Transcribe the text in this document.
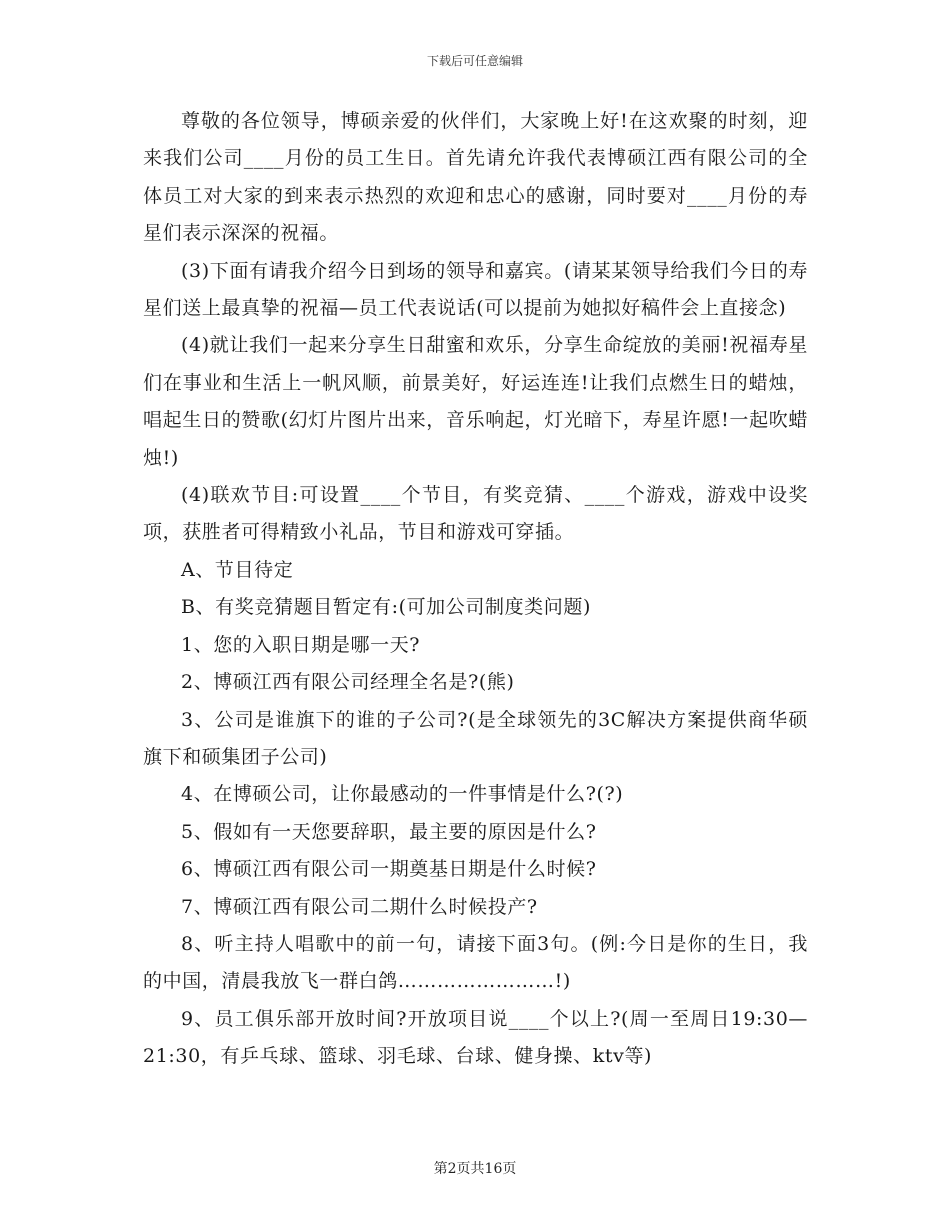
下载后可任意编辑

尊敬的各位领导，博硕亲爱的伙伴们，大家晚上好!在这欢聚的时刻，迎来我们公司____月份的员工生日。首先请允许我代表博硕江西有限公司的全体员工对大家的到来表示热烈的欢迎和忠心的感谢，同时要对____月份的寿星们表示深深的祝福。

(3)下面有请我介绍今日到场的领导和嘉宾。(请某某领导给我们今日的寿星们送上最真挚的祝福—员工代表说话(可以提前为她拟好稿件会上直接念)

(4)就让我们一起来分享生日甜蜜和欢乐，分享生命绽放的美丽!祝福寿星们在事业和生活上一帆风顺，前景美好，好运连连!让我们点燃生日的蜡烛，唱起生日的赞歌(幻灯片图片出来，音乐响起，灯光暗下，寿星许愿!一起吹蜡烛!)

(4)联欢节目:可设置____个节目，有奖竞猜、____个游戏，游戏中设奖项，获胜者可得精致小礼品，节目和游戏可穿插。

A、节目待定

B、有奖竞猜题目暂定有:(可加公司制度类问题)

1、您的入职日期是哪一天?

2、博硕江西有限公司经理全名是?(熊)

3、公司是谁旗下的谁的子公司?(是全球领先的3C解决方案提供商华硕旗下和硕集团子公司)

4、在博硕公司，让你最感动的一件事情是什么?(?)

5、假如有一天您要辞职，最主要的原因是什么?

6、博硕江西有限公司一期奠基日期是什么时候?

7、博硕江西有限公司二期什么时候投产?

8、听主持人唱歌中的前一句，请接下面3句。(例:今日是你的生日，我的中国，清晨我放飞一群白鸽……………………!)

9、员工俱乐部开放时间?开放项目说____个以上?(周一至周日19:30—21:30，有乒乓球、篮球、羽毛球、台球、健身操、ktv等)

第2页共16页
